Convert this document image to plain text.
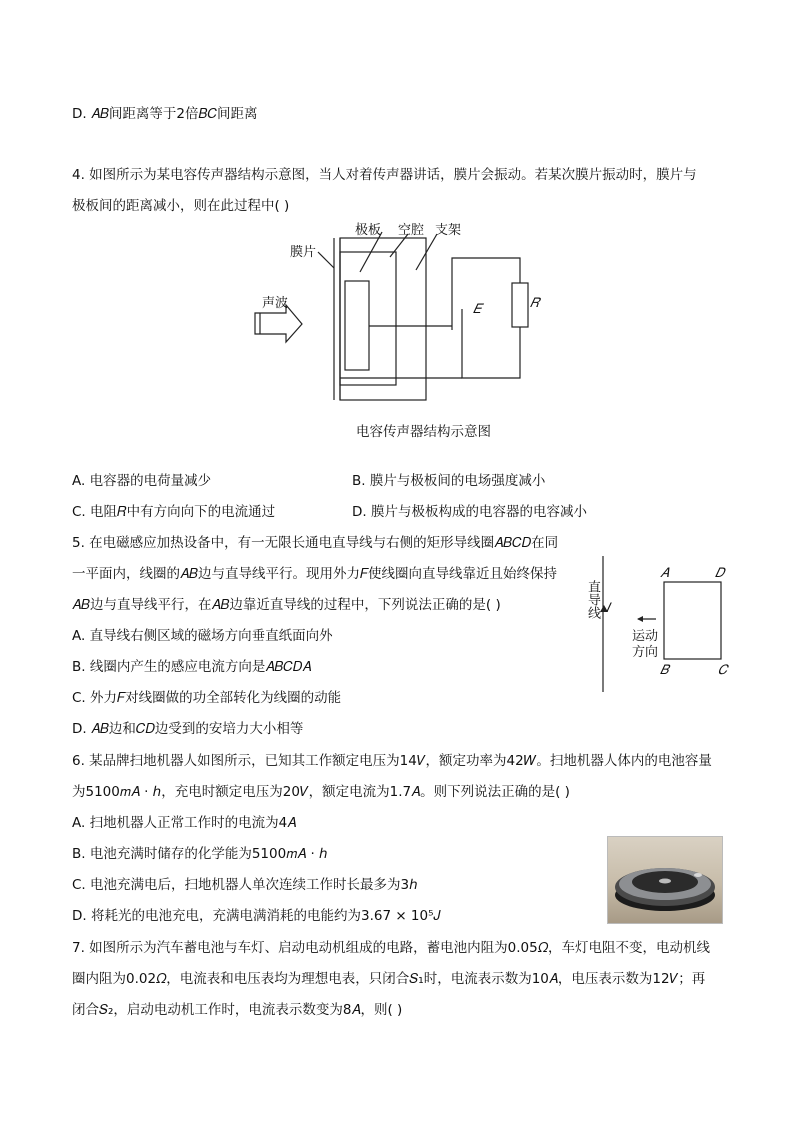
D. 𝐴𝐵间距离等于2倍𝐵𝐶间距离
4. 如图所示为某电容传声器结构示意图，当人对着传声器讲话，膜片会振动。若某次膜片振动时，膜片与
极板间的距离减小，则在此过程中( )
膜片
极板 空腔 支架
声波	𝐸	𝑅
电容传声器结构示意图
A. 电容器的电荷量减少	B. 膜片与极板间的电场强度减小
C. 电阻𝑅中有方向向下的电流通过	D. 膜片与极板构成的电容器的电容减小
5. 在电磁感应加热设备中，有一无限长通电直导线与右侧的矩形导线圈𝐴𝐵𝐶𝐷在同
一平面内，线圈的𝐴𝐵边与直导线平行。现用外力𝐹使线圈向直导线靠近且始终保持
𝐴𝐵边与直导线平行，在𝐴𝐵边靠近直导线的过程中，下列说法正确的是( )
A. 直导线右侧区域的磁场方向垂直纸面向外
B. 线圈内产生的感应电流方向是𝐴𝐵𝐶𝐷𝐴
C. 外力𝐹对线圈做的功全部转化为线圈的动能
D. 𝐴𝐵边和𝐶𝐷边受到的安培力大小相等
直导线 𝐼
𝐴	𝐷
𝐵	𝐶
运动
方向
6. 某品牌扫地机器人如图所示，已知其工作额定电压为14𝑉，额定功率为42𝑊。扫地机器人体内的电池容量
为5100𝑚𝐴 · ℎ，充电时额定电压为20𝑉，额定电流为1.7𝐴。则下列说法正确的是( )
A. 扫地机器人正常工作时的电流为4𝐴
B. 电池充满时储存的化学能为5100𝑚𝐴 · ℎ
C. 电池充满电后，扫地机器人单次连续工作时长最多为3ℎ
D. 将耗光的电池充电，充满电满消耗的电能约为3.67 × 10⁵𝐽
7. 如图所示为汽车蓄电池与车灯、启动电动机组成的电路，蓄电池内阻为0.05𝛺，车灯电阻不变，电动机线
圈内阻为0.02𝛺，电流表和电压表均为理想电表，只闭合𝑆₁时，电流表示数为10𝐴，电压表示数为12𝑉；再
闭合𝑆₂，启动电动机工作时，电流表示数变为8𝐴，则( )
